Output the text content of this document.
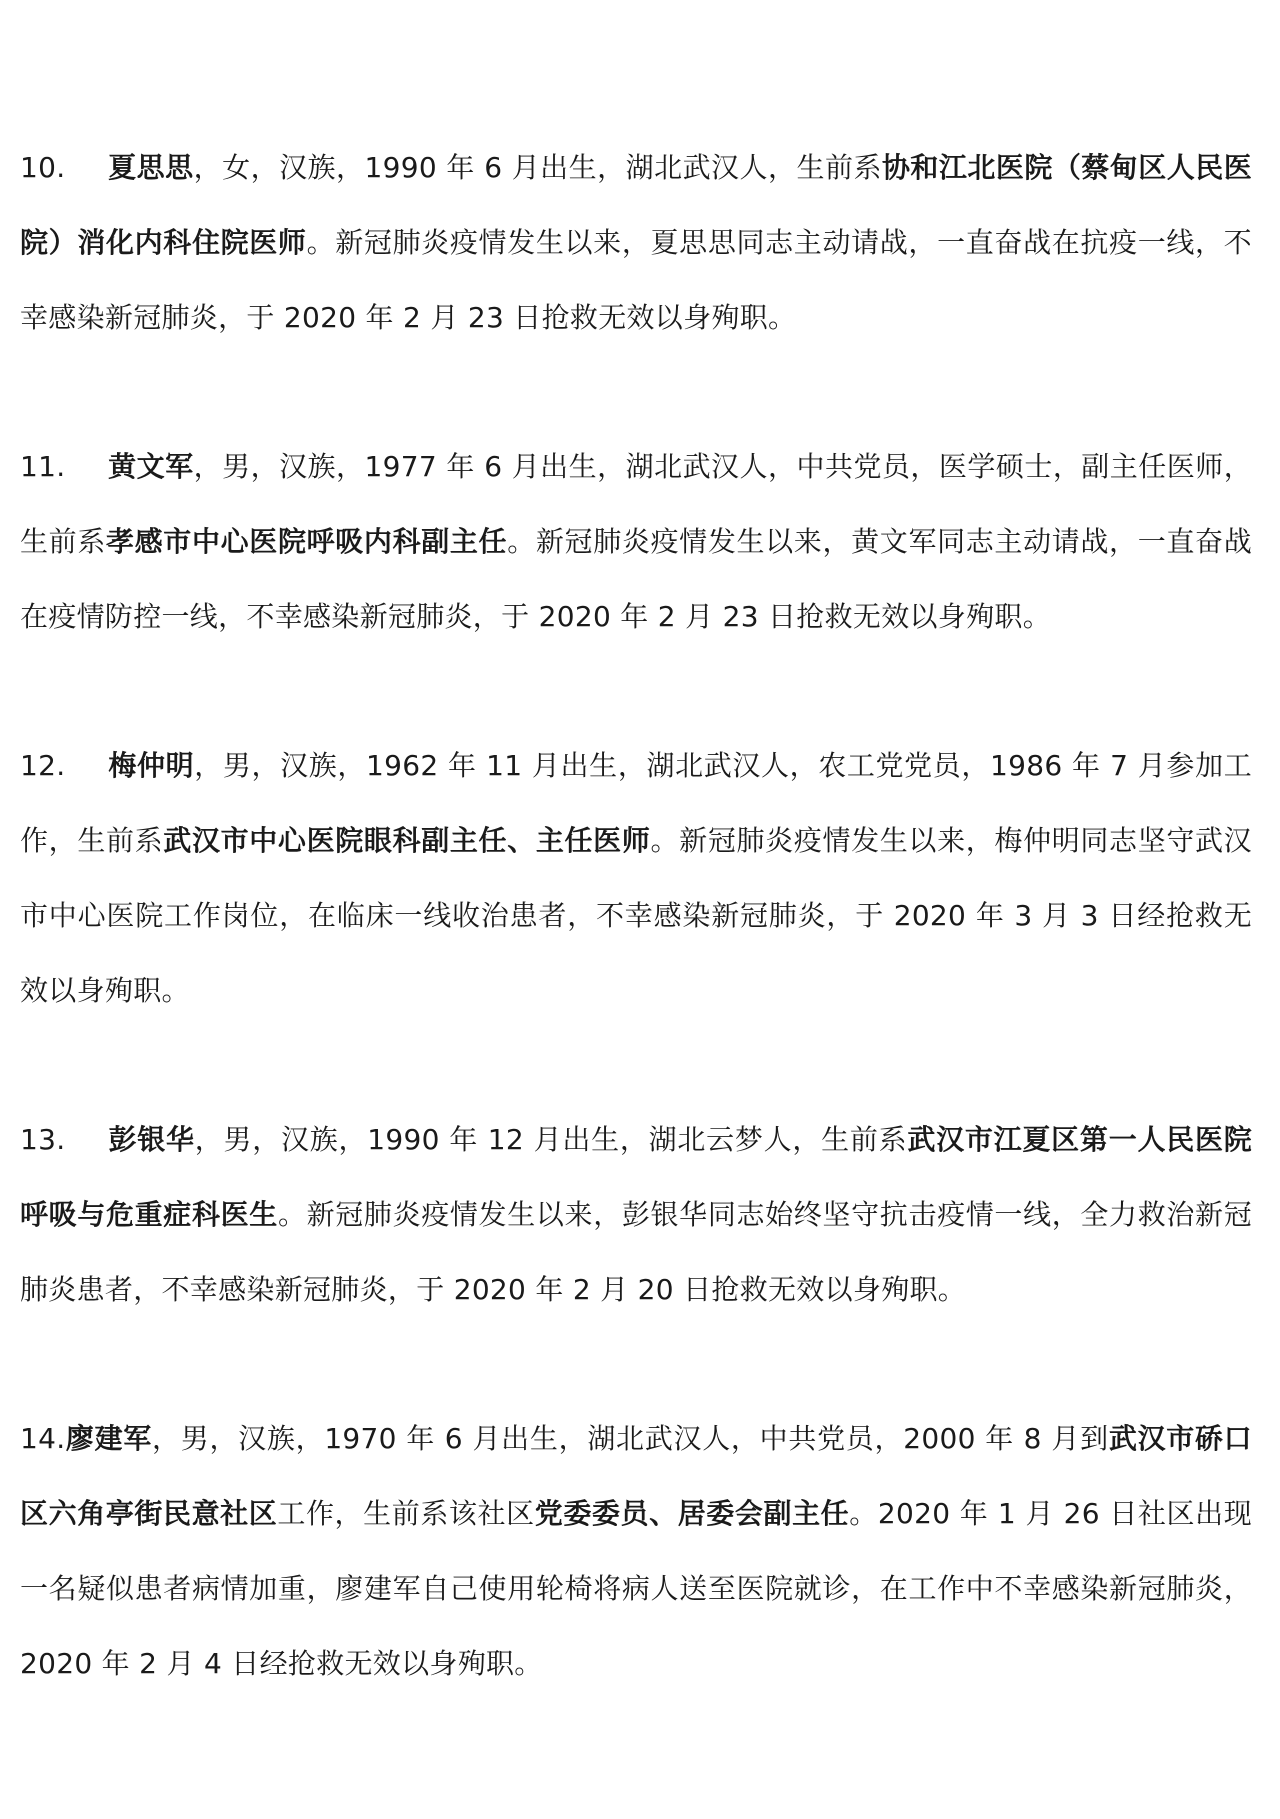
10. 夏思思，女，汉族，1990 年 6 月出生，湖北武汉人，生前系协和江北医院（蔡甸区人民医院）消化内科住院医师。新冠肺炎疫情发生以来，夏思思同志主动请战，一直奋战在抗疫一线，不幸感染新冠肺炎，于 2020 年 2 月 23 日抢救无效以身殉职。

11. 黄文军，男，汉族，1977 年 6 月出生，湖北武汉人，中共党员，医学硕士，副主任医师，生前系孝感市中心医院呼吸内科副主任。新冠肺炎疫情发生以来，黄文军同志主动请战，一直奋战在疫情防控一线，不幸感染新冠肺炎，于 2020 年 2 月 23 日抢救无效以身殉职。

12. 梅仲明，男，汉族，1962 年 11 月出生，湖北武汉人，农工党党员，1986 年 7 月参加工作，生前系武汉市中心医院眼科副主任、主任医师。新冠肺炎疫情发生以来，梅仲明同志坚守武汉市中心医院工作岗位，在临床一线收治患者，不幸感染新冠肺炎，于 2020 年 3 月 3 日经抢救无效以身殉职。

13. 彭银华，男，汉族，1990 年 12 月出生，湖北云梦人，生前系武汉市江夏区第一人民医院呼吸与危重症科医生。新冠肺炎疫情发生以来，彭银华同志始终坚守抗击疫情一线，全力救治新冠肺炎患者，不幸感染新冠肺炎，于 2020 年 2 月 20 日抢救无效以身殉职。

14.廖建军，男，汉族，1970 年 6 月出生，湖北武汉人，中共党员，2000 年 8 月到武汉市硚口区六角亭街民意社区工作，生前系该社区党委委员、居委会副主任。2020 年 1 月 26 日社区出现一名疑似患者病情加重，廖建军自己使用轮椅将病人送至医院就诊，在工作中不幸感染新冠肺炎，2020 年 2 月 4 日经抢救无效以身殉职。
